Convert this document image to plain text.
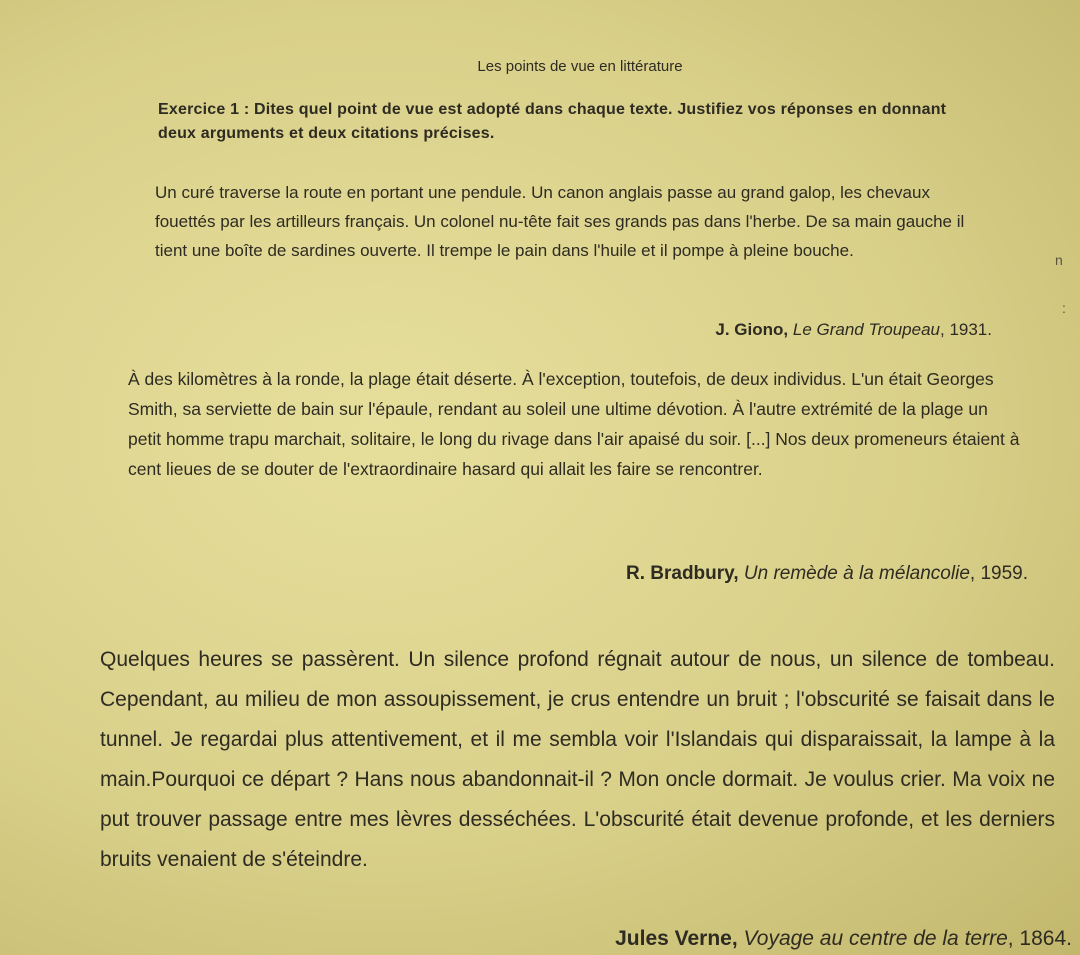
Les points de vue en littérature
Exercice 1 : Dites quel point de vue est adopté dans chaque texte. Justifiez vos réponses en donnant deux arguments et deux citations précises.

Un curé traverse la route en portant une pendule. Un canon anglais passe au grand galop, les chevaux fouettés par les artilleurs français. Un colonel nu-tête fait ses grands pas dans l'herbe. De sa main gauche il tient une boîte de sardines ouverte. Il trempe le pain dans l'huile et il pompe à pleine bouche.

J. Giono, Le Grand Troupeau, 1931.

À des kilomètres à la ronde, la plage était déserte. À l'exception, toutefois, de deux individus. L'un était Georges Smith, sa serviette de bain sur l'épaule, rendant au soleil une ultime dévotion. À l'autre extrémité de la plage un petit homme trapu marchait, solitaire, le long du rivage dans l'air apaisé du soir. [...] Nos deux promeneurs étaient à cent lieues de se douter de l'extraordinaire hasard qui allait les faire se rencontrer.

R. Bradbury, Un remède à la mélancolie, 1959.

Quelques heures se passèrent. Un silence profond régnait autour de nous, un silence de tombeau. Cependant, au milieu de mon assoupissement, je crus entendre un bruit ; l'obscurité se faisait dans le tunnel. Je regardai plus attentivement, et il me sembla voir l'Islandais qui disparaissait, la lampe à la main.Pourquoi ce départ ? Hans nous abandonnait-il ? Mon oncle dormait. Je voulus crier. Ma voix ne put trouver passage entre mes lèvres desséchées. L'obscurité était devenue profonde, et les derniers bruits venaient de s'éteindre.

Jules Verne, Voyage au centre de la terre, 1864.
n
:
